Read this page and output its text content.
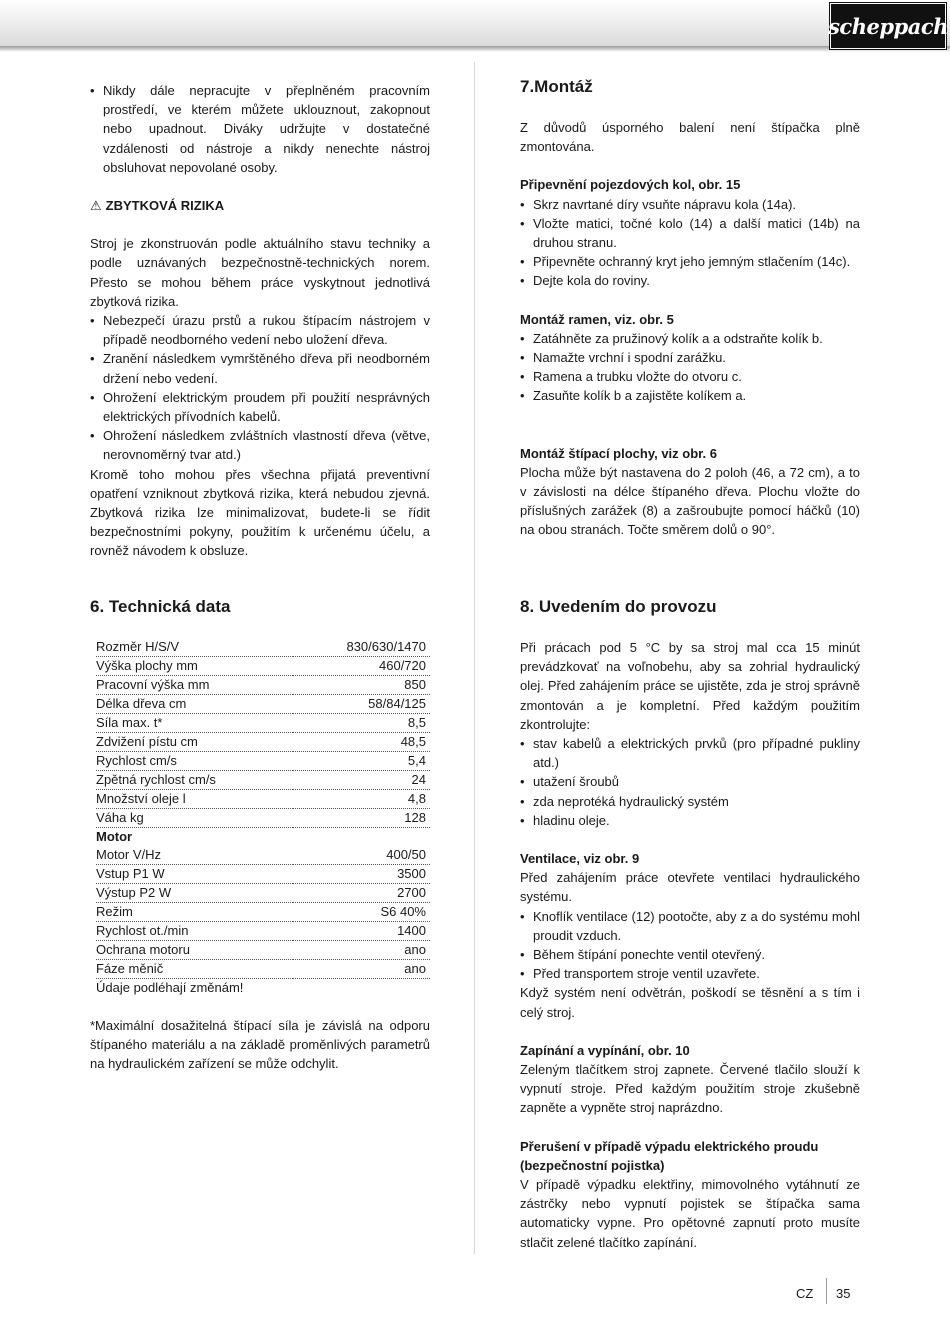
scheppach
• Nikdy dále nepracujte v přeplněném pracovním prostředí, ve kterém můžete uklouznout, zakopnout nebo upadnout. Diváky udržujte v dostatečné vzdálenosti od nástroje a nikdy nenechte nástroj obsluhovat nepovolané osoby.
⚠ ZBYTKOVÁ RIZIKA

Stroj je zkonstruován podle aktuálního stavu techniky a podle uznávaných bezpečnostně-technických norem. Přesto se mohou během práce vyskytnout jednotlivá zbytková rizika.

• Nebezpečí úrazu prstů a rukou štípacím nástrojem v případě neodborného vedení nebo uložení dřeva.
• Zranění následkem vymrštěného dřeva při neodborném držení nebo vedení.
• Ohrožení elektrickým proudem při použití nesprávných elektrických přívodních kabelů.
• Ohrožení následkem zvláštních vlastností dřeva (větve, nerovnoměrný tvar atd.)

Kromě toho mohou přes všechna přijatá preventivní opatření vzniknout zbytková rizika, která nebudou zjevná. Zbytková rizika lze minimalizovat, budete-li se řídit bezpečnostními pokyny, použitím k určenému účelu, a rovněž návodem k obsluze.

7.Montáž

Z důvodů úsporného balení není štípačka plně zmontována.

Připevnění pojezdových kol, obr. 15
• Skrz navrtané díry vsuňte nápravu kola (14a).
• Vložte matici, točné kolo (14) a další matici (14b) na druhou stranu.
• Připevněte ochranný kryt jeho jemným stlačením (14c).
• Dejte kola do roviny.
Montáž ramen, viz. obr. 5
• Zatáhněte za pružinový kolík a a odstraňte kolík b.
• Namažte vrchní i spodní zarážku.
• Ramena a trubku vložte do otvoru c.
• Zasuňte kolík b a zajistěte kolíkem a.
Montáž štípací plochy, viz obr. 6

Plocha může být nastavena do 2 poloh (46, a 72 cm), a to v závislosti na délce štípaného dřeva. Plochu vložte do příslušných zarážek (8) a zašroubujte pomocí háčků (10) na obou stranách. Točte směrem dolů o 90°.

6. Technická data
Rozměr H/S/V	830/630/1470
Výška plochy mm	460/720
Pracovní výška mm	850
Délka dřeva cm	58/84/125
Síla max. t*	8,5
Zdvižení pístu cm	48,5
Rychlost cm/s	5,4
Zpětná rychlost cm/s	24
Množství oleje l	4,8
Váha kg	128
Motor	
Motor V/Hz	400/50
Vstup P1 W	3500
Výstup P2 W	2700
Režim	S6 40%
Rychlost ot./min	1400
Ochrana motoru	ano
Fáze měnič	ano
Údaje podléhají změnám!	

*Maximální dosažitelná štípací síla je závislá na odporu štípaného materiálu a na základě proměnlivých parametrů na hydraulickém zařízení se může odchylit.

8. Uvedením do provozu

Při prácach pod 5 °C by sa stroj mal cca 15 minút prevádzkovať na voľnobehu, aby sa zohrial hydraulický olej. Před zahájením práce se ujistěte, zda je stroj správně zmontován a je kompletní. Před každým použitím zkontrolujte:

• stav kabelů a elektrických prvků (pro případné pukliny atd.)
• utažení šroubů
• zda neprotéká hydraulický systém
• hladinu oleje.
Ventilace, viz obr. 9

Před zahájením práce otevřete ventilaci hydraulického systému.

• Knoflík ventilace (12) pootočte, aby z a do systému mohl proudit vzduch.
• Během štípání ponechte ventil otevřený.
• Před transportem stroje ventil uzavřete.

Když systém není odvětrán, poškodí se těsnění a s tím i celý stroj.

Zapínání a vypínání, obr. 10

Zeleným tlačítkem stroj zapnete. Červené tlačilo slouží k vypnutí stroje. Před každým použitím stroje zkušebně zapněte a vypněte stroj naprázdno.

Přerušení v případě výpadu elektrického proudu (bezpečnostní pojistka)

V případě výpadku elektřiny, mimovolného vytáhnutí ze zástrčky nebo vypnutí pojistek se štípačka sama automaticky vypne. Pro opětovné zapnutí proto musíte stlačit zelené tlačítko zapínání.

CZ 35
